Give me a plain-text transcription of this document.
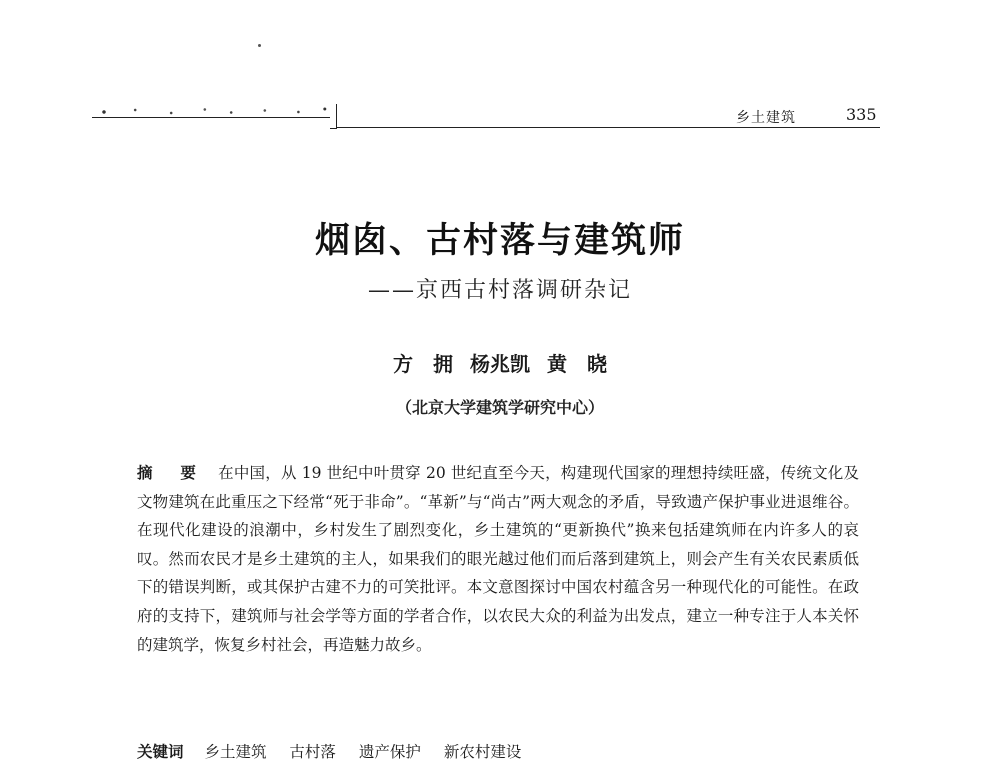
乡土建筑	335
烟囱、古村落与建筑师
——京西古村落调研杂记
方　拥 杨兆凯 黄　晓
（北京大学建筑学研究中心）
摘　要 在中国，从 19 世纪中叶贯穿 20 世纪直至今天，构建现代国家的理想持续旺盛，传统文化及文物建筑在此重压之下经常“死于非命”。“革新”与“尚古”两大观念的矛盾，导致遗产保护事业进退维谷。在现代化建设的浪潮中，乡村发生了剧烈变化，乡土建筑的“更新换代”换来包括建筑师在内许多人的哀叹。然而农民才是乡土建筑的主人，如果我们的眼光越过他们而后落到建筑上，则会产生有关农民素质低下的错误判断，或其保护古建不力的可笑批评。本文意图探讨中国农村蕴含另一种现代化的可能性。在政府的支持下，建筑师与社会学等方面的学者合作，以农民大众的利益为出发点，建立一种专注于人本关怀的建筑学，恢复乡村社会，再造魅力故乡。
关键词 乡土建筑 古村落 遗产保护 新农村建设
